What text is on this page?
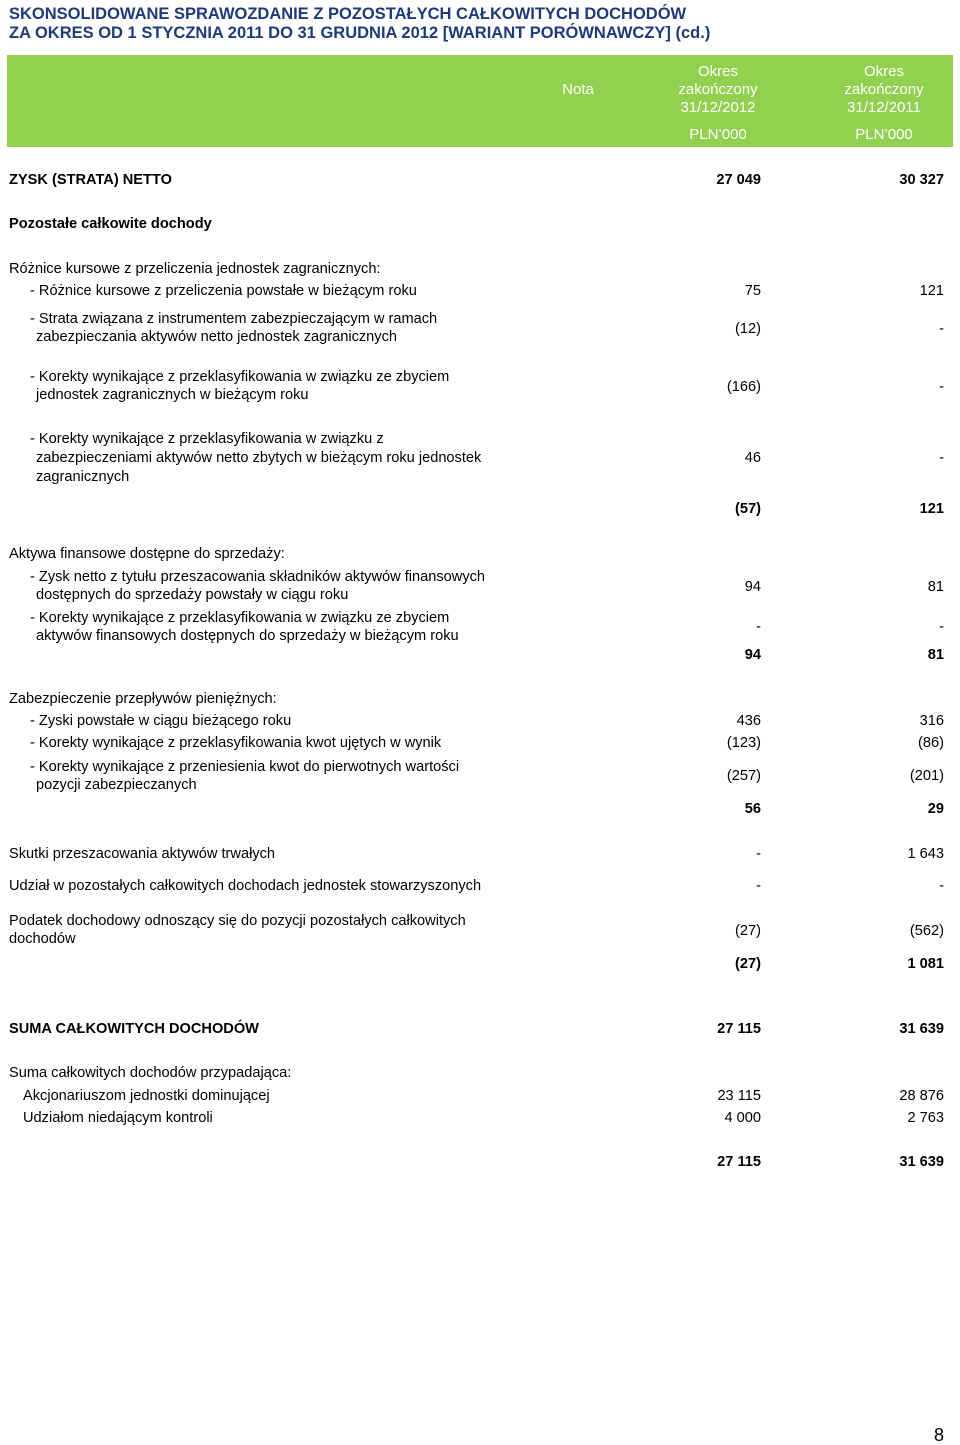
SKONSOLIDOWANE SPRAWOZDANIE Z POZOSTAŁYCH CAŁKOWITYCH DOCHODÓW
ZA OKRES OD 1 STYCZNIA 2011 DO 31 GRUDNIA 2012 [WARIANT PORÓWNAWCZY] (cd.)
Nota
Okres
zakończony
31/12/2012
PLN’000
Okres
zakończony
31/12/2011
PLN’000
ZYSK (STRATA) NETTO	27 049	30 327
Pozostałe całkowite dochody
Różnice kursowe z przeliczenia jednostek zagranicznych:
- Różnice kursowe z przeliczenia powstałe w bieżącym roku	75	121
- Strata związana z instrumentem zabezpieczającym w ramach
zabezpieczania aktywów netto jednostek zagranicznych	(12)	-
- Korekty wynikające z przeklasyfikowania w związku ze zbyciem
jednostek zagranicznych w bieżącym roku	(166)	-
- Korekty wynikające z przeklasyfikowania w związku z
zabezpieczeniami aktywów netto zbytych w bieżącym roku jednostek
zagranicznych
46	-
(57)	121
Aktywa finansowe dostępne do sprzedaży:
- Zysk netto z tytułu przeszacowania składników aktywów finansowych
dostępnych do sprzedaży powstały w ciągu roku	94	81
- Korekty wynikające z przeklasyfikowania w związku ze zbyciem
aktywów finansowych dostępnych do sprzedaży w bieżącym roku
-	-
94	81
Zabezpieczenie przepływów pieniężnych:
- Zyski powstałe w ciągu bieżącego roku	436	316
- Korekty wynikające z przeklasyfikowania kwot ujętych w wynik	(123)	(86)
- Korekty wynikające z przeniesienia kwot do pierwotnych wartości
pozycji zabezpieczanych
(257)	(201)
56	29
Skutki przeszacowania aktywów trwałych	-	1 643
Udział w pozostałych całkowitych dochodach jednostek stowarzyszonych	-	-
Podatek dochodowy odnoszący się do pozycji pozostałych całkowitych
dochodów	(27)	(562)
(27)	1 081
SUMA CAŁKOWITYCH DOCHODÓW	27 115	31 639
Suma całkowitych dochodów przypadająca:
Akcjonariuszom jednostki dominującej	23 115	28 876
Udziałom niedającym kontroli	4 000	2 763
27 115	31 639
8
